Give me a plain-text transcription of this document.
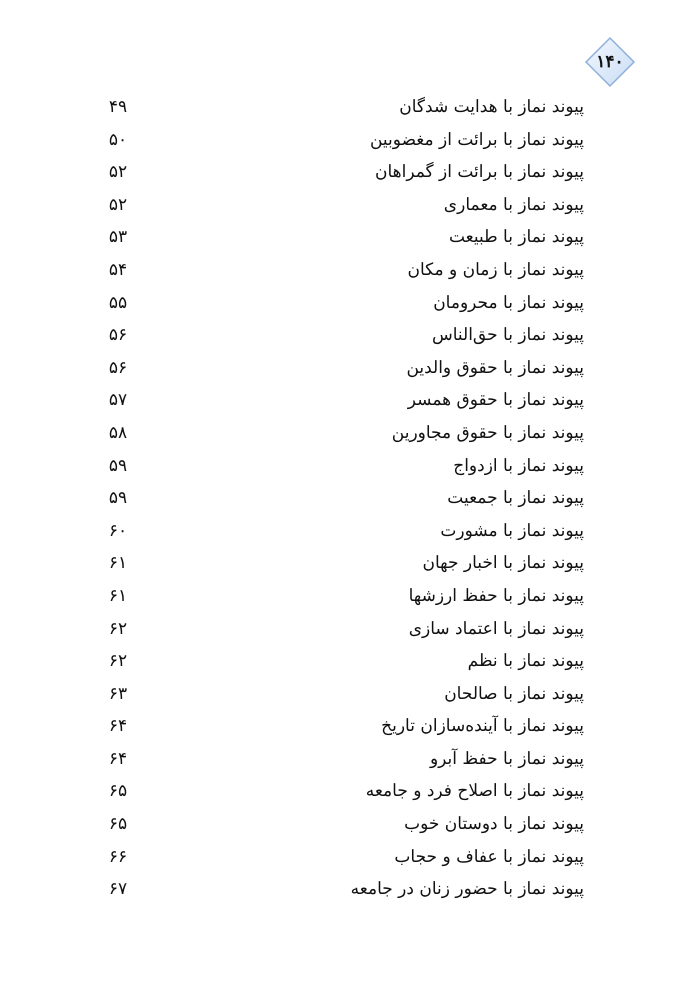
۱۴۰
پیوند نماز با هدایت شدگان
۴۹
پیوند نماز با برائت از مغضوبین
۵۰
پیوند نماز با برائت از گمراهان
۵۲
پیوند نماز با معماری
۵۲
پیوند نماز با طبیعت
۵۳
پیوند نماز با زمان و مکان
۵۴
پیوند نماز با محرومان
۵۵
پیوند نماز با حق‌الناس
۵۶
پیوند نماز با حقوق والدین
۵۶
پیوند نماز با حقوق همسر
۵۷
پیوند نماز با حقوق مجاورین
۵۸
پیوند نماز با ازدواج
۵۹
پیوند نماز با جمعیت
۵۹
پیوند نماز با مشورت
۶۰
پیوند نماز با اخبار جهان
۶۱
پیوند نماز با حفظ ارزشها
۶۱
پیوند نماز با اعتماد سازی
۶۲
پیوند نماز با نظم
۶۲
پیوند نماز با صالحان
۶۳
پیوند نماز با آینده‌سازان تاریخ
۶۴
پیوند نماز با حفظ آبرو
۶۴
پیوند نماز با اصلاح فرد و جامعه
۶۵
پیوند نماز با دوستان خوب
۶۵
پیوند نماز با عفاف و حجاب
۶۶
پیوند نماز با حضور زنان در جامعه
۶۷
